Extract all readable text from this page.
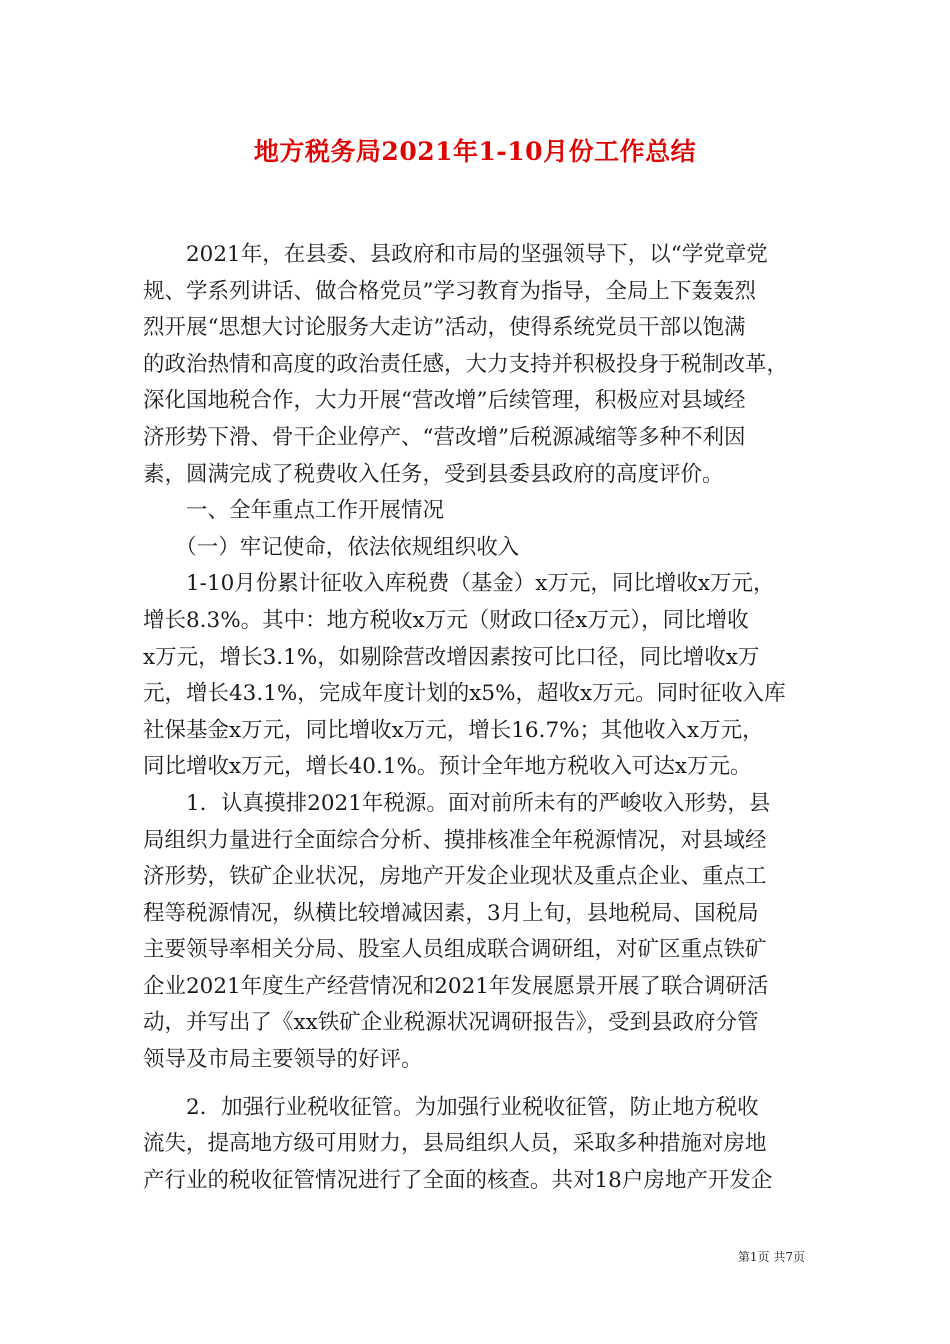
地方税务局2021年1-10月份工作总结
　　2021年，在县委、县政府和市局的坚强领导下，以“学党章党
规、学系列讲话、做合格党员”学习教育为指导，全局上下轰轰烈
烈开展“思想大讨论服务大走访”活动，使得系统党员干部以饱满
的政治热情和高度的政治责任感，大力支持并积极投身于税制改革，
深化国地税合作，大力开展“营改增”后续管理，积极应对县域经
济形势下滑、骨干企业停产、“营改增”后税源减缩等多种不利因
素，圆满完成了税费收入任务，受到县委县政府的高度评价。
　　一、全年重点工作开展情况
　　（一）牢记使命，依法依规组织收入
　　1-10月份累计征收入库税费（基金）x万元，同比增收x万元，
增长8.3%。其中：地方税收x万元（财政口径x万元），同比增收
x万元，增长3.1%，如剔除营改增因素按可比口径，同比增收x万
元，增长43.1%，完成年度计划的x5%，超收x万元。同时征收入库
社保基金x万元，同比增收x万元，增长16.7%；其他收入x万元，
同比增收x万元，增长40.1%。预计全年地方税收入可达x万元。
　　1．认真摸排2021年税源。面对前所未有的严峻收入形势，县
局组织力量进行全面综合分析、摸排核准全年税源情况，对县域经
济形势，铁矿企业状况，房地产开发企业现状及重点企业、重点工
程等税源情况，纵横比较增减因素，3月上旬，县地税局、国税局
主要领导率相关分局、股室人员组成联合调研组，对矿区重点铁矿
企业2021年度生产经营情况和2021年发展愿景开展了联合调研活
动，并写出了《xx铁矿企业税源状况调研报告》，受到县政府分管
领导及市局主要领导的好评。
　　2．加强行业税收征管。为加强行业税收征管，防止地方税收
流失，提高地方级可用财力，县局组织人员，采取多种措施对房地
产行业的税收征管情况进行了全面的核查。共对18户房地产开发企
第1页 共7页
